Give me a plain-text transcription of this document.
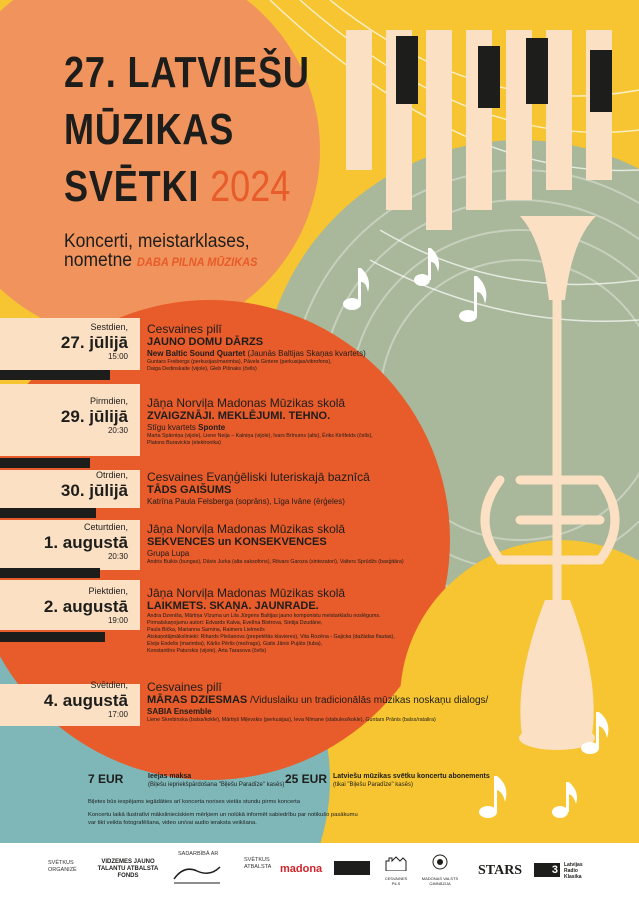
27. LATVIEŠU
MŪZIKAS
SVĒTKI 2024
Koncerti, meistarklases,
nometne DABA PILNA MŪZIKAS
Sestdien,
27. jūlijā
15:00
Cesvaines pilī
JAUNO DOMU DĀRZS
New Baltic Sound Quartet (Jaunās Baltijas Skaņas kvartets)
Guntars Freibergs (perkusijas/marimba), Pāvels Gintere (perkusijas/vibrofons),
Daiga Dedinskaite (vijole), Gleb Pišnaks (čells)
Pirmdien,
29. jūlijā
20:30
Jāņa Norviļa Madonas Mūzikas skolā
ZVAIGZNĀJI. MEKLĒJUMI. TEHNO.
Stīgu kvartets Sponte
Marta Spārniņa (vijole), Liene Neija – Kalniņa (vijole), Ivars Brīnums (alts), Ēriks Kiršfelds (čells),
Platons Buravickis (elektronika)
Otrdien,
30. jūlijā
Cesvaines Evaņģēliski luteriskajā baznīcā
TĀDS GAIŠUMS
Katrīna Paula Felsberga (soprāns), Līga Ivāne (ērģeles)
Ceturtdien,
1. augustā
20:30
Jāņa Norviļa Madonas Mūzikas skolā
SEKVENCES un KONSEKVENCES
Grupa Lupa
Andris Buikis (bungas), Dāvis Jurka (alta saksofons), Ritvars Garoza (sintezatori), Valters Sprūdžs (basģitāra)
Piektdien,
2. augustā
19:00
Jāņa Norviļa Madonas Mūzikas skolā
LAIKMETS. SKAŅA. JAUNRADE.
Andra Dzeniša, Mārtiņa Vīzuma un Lila Jūrgens Baltijas jauno komponistu meistarklašu noslēgums.
Pirmatskaņojumu autori: Edvards Kalva, Evelīna Bistrova, Sintija Dzudāne,
Paula Bička, Marianna Sarnina, Raimers Lielmežs
Atskaņotājmākslinieki: Rihards Plešanovs (prepetētās klavieres), Vita Rozēna - Gajicka (dažādas flautas),
Elvijs Endelis (marimba), Kārlis Pērlis (mežrags), Gatis Jānis Pujāts (tuba),
Konstantīns Paturskis (vijole), Arta Tarasova (čells)
Svētdien,
4. augustā
17:00
Cesvaines pilī
MĀRAS DZIESMAS /Viduslaiku un tradicionālās mūzikas noskaņu dialogs/
SABIA Ensemble
Liene Skrebinska (balss/kokle), Mārtiņš Miļevskis (perkusijas), Ieva Nīmane (stabules/kokle), Guntars Prānis (balss/ratalira)
7 EUR	Ieejas maksa
(Biļešu iepriekšpārdošana "Biļešu Paradīze" kasēs) 25 EUR Latviešu mūzikas svētku koncertu abonements
(tikai "Biļešu Paradīze" kasēs)
Biļetes būs iespējams iegādāties arī koncerta norises vietās stundu pirms koncerta
Koncertu laikā ilustratīvi mākslinieciskiem mērķiem un nolūkā informēt sabiedrību par notikušo pasākumu
var tikt veikta fotografēšana, video un/vai audio ieraksta veikšana.
SVĒTKUS ORGANIZĒ
VIDZEMES JAUNO TALANTU ATBALSTA FONDS
SADARBĪBĀ AR
SVĒTKUS ATBALSTA madona
CESVAINES PILS
MADONAS VALSTS ĢIMNĀZIJA
STARS	3	Latvijas Radio Klasika
